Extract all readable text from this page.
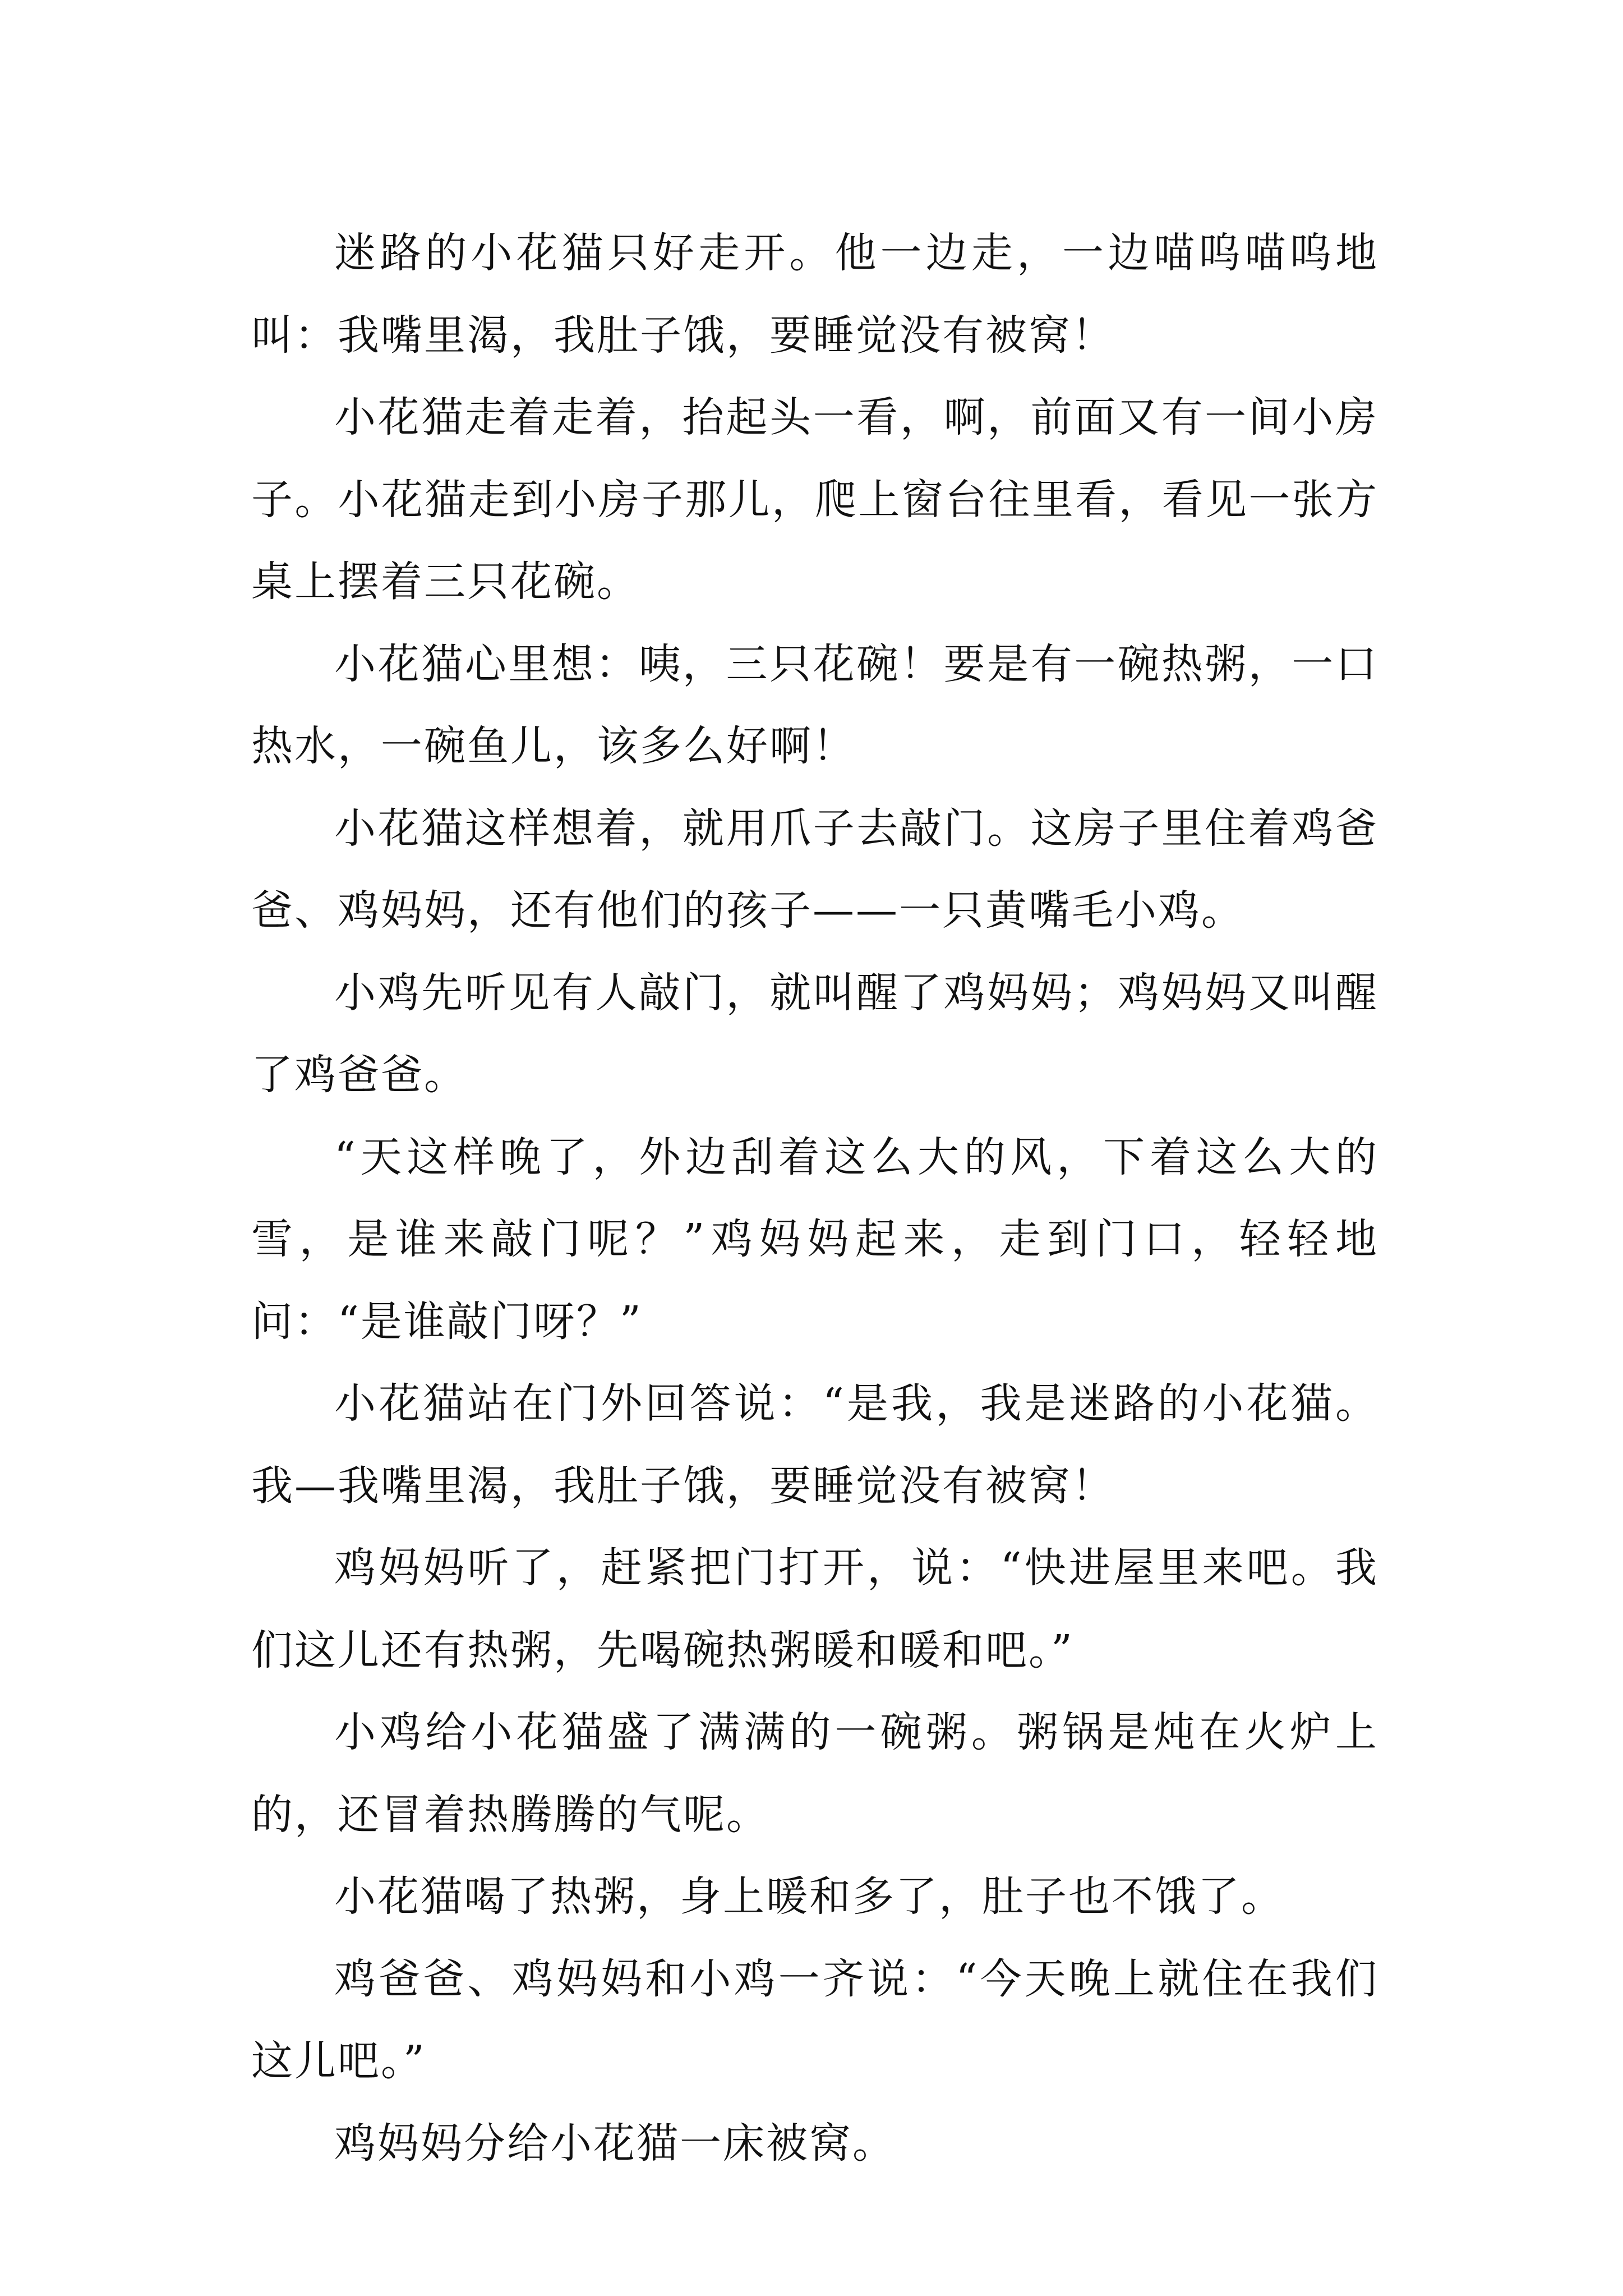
迷路的小花猫只好走开。他一边走，一边喵呜喵呜地叫：我嘴里渴，我肚子饿，要睡觉没有被窝！

小花猫走着走着，抬起头一看，啊，前面又有一间小房子。小花猫走到小房子那儿，爬上窗台往里看，看见一张方桌上摆着三只花碗。

小花猫心里想：咦，三只花碗！要是有一碗热粥，一口热水，一碗鱼儿，该多么好啊！

小花猫这样想着，就用爪子去敲门。这房子里住着鸡爸爸、鸡妈妈，还有他们的孩子——一只黄嘴毛小鸡。

小鸡先听见有人敲门，就叫醒了鸡妈妈；鸡妈妈又叫醒了鸡爸爸。

“天这样晚了，外边刮着这么大的风，下着这么大的雪，是谁来敲门呢？”鸡妈妈起来，走到门口，轻轻地问：“是谁敲门呀？”

小花猫站在门外回答说：“是我，我是迷路的小花猫。我—我嘴里渴，我肚子饿，要睡觉没有被窝！

鸡妈妈听了，赶紧把门打开，说：“快进屋里来吧。我们这儿还有热粥，先喝碗热粥暖和暖和吧。”

小鸡给小花猫盛了满满的一碗粥。粥锅是炖在火炉上的，还冒着热腾腾的气呢。

小花猫喝了热粥，身上暖和多了，肚子也不饿了。

鸡爸爸、鸡妈妈和小鸡一齐说：“今天晚上就住在我们这儿吧。”

鸡妈妈分给小花猫一床被窝。
